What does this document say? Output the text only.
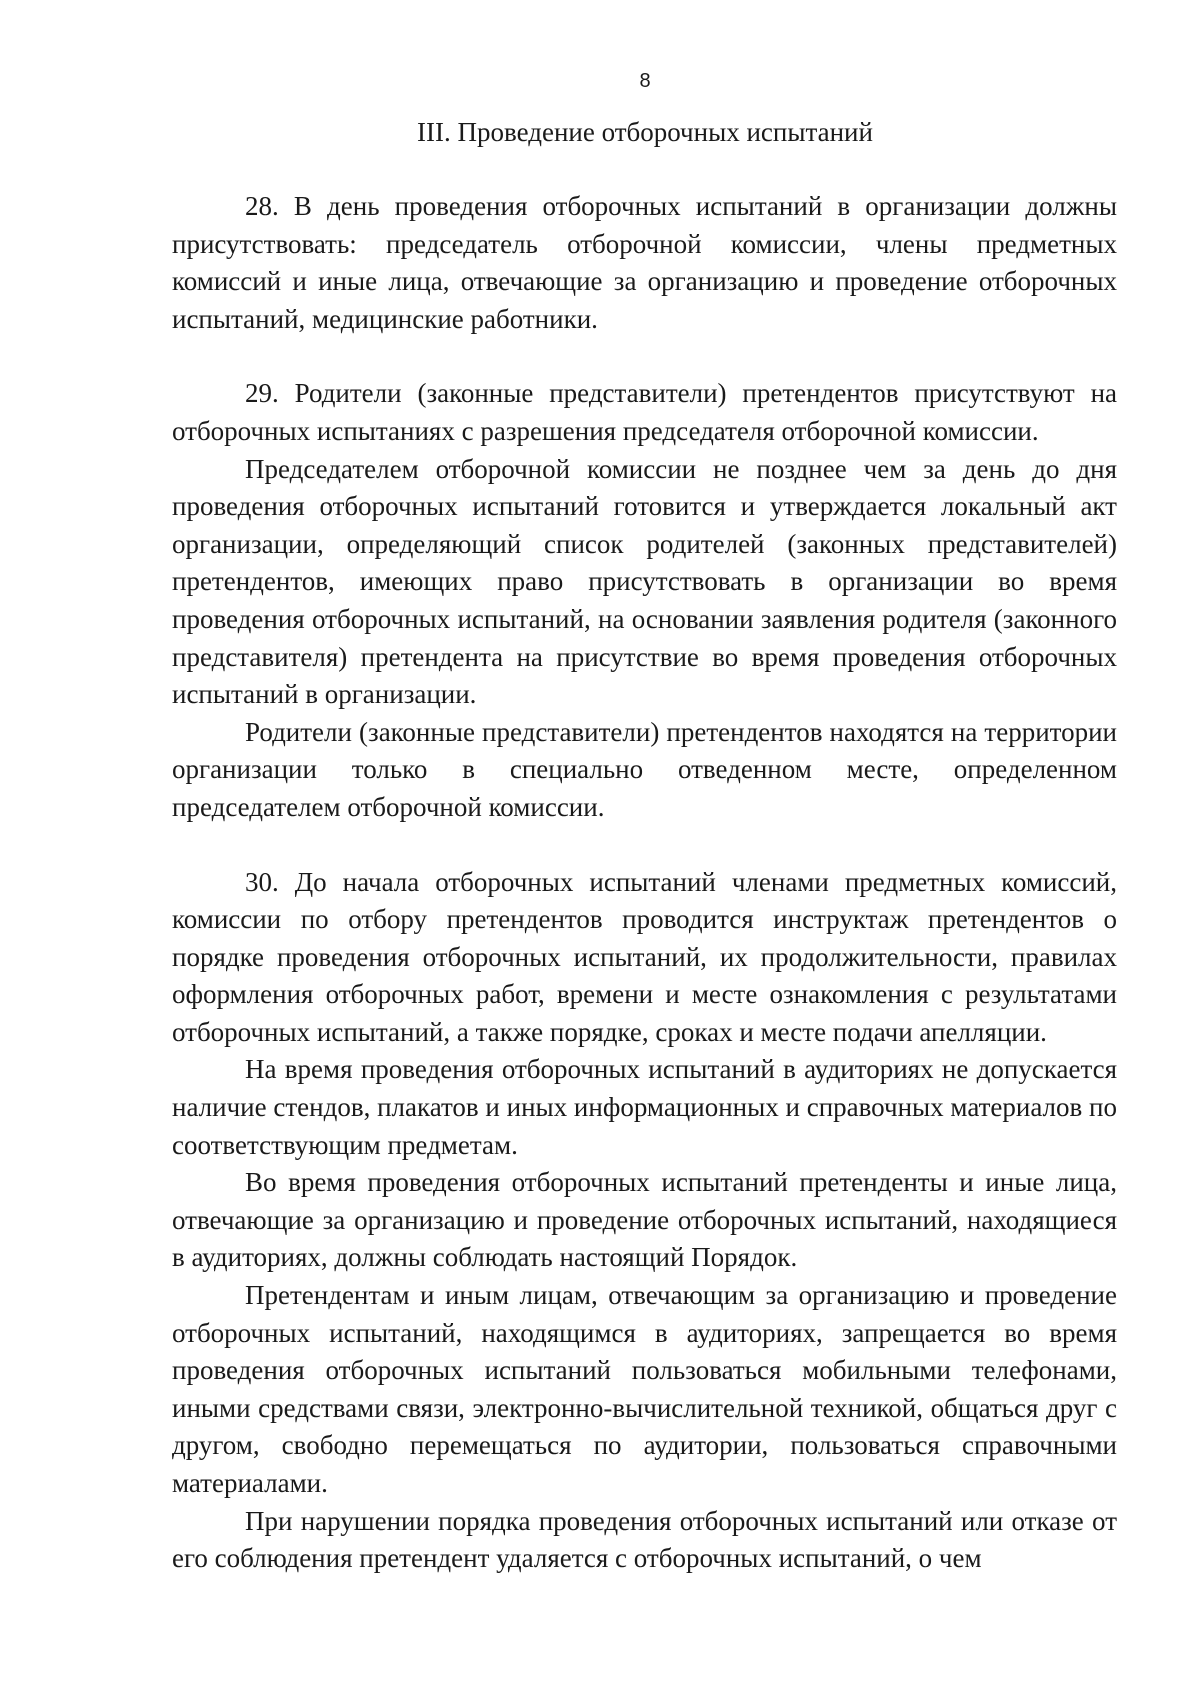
8
III. Проведение отборочных испытаний

28. В день проведения отборочных испытаний в организации должны присутствовать: председатель отборочной комиссии, члены предметных комиссий и иные лица, отвечающие за организацию и проведение отборочных испытаний, медицинские работники.

29. Родители (законные представители) претендентов присутствуют на отборочных испытаниях с разрешения председателя отборочной комиссии.

Председателем отборочной комиссии не позднее чем за день до дня проведения отборочных испытаний готовится и утверждается локальный акт организации, определяющий список родителей (законных представителей) претендентов, имеющих право присутствовать в организации во время проведения отборочных испытаний, на основании заявления родителя (законного представителя) претендента на присутствие во время проведения отборочных испытаний в организации.

Родители (законные представители) претендентов находятся на территории организации только в специально отведенном месте, определенном председателем отборочной комиссии.

30. До начала отборочных испытаний членами предметных комиссий, комиссии по отбору претендентов проводится инструктаж претендентов о порядке проведения отборочных испытаний, их продолжительности, правилах оформления отборочных работ, времени и месте ознакомления с результатами отборочных испытаний, а также порядке, сроках и месте подачи апелляции.

На время проведения отборочных испытаний в аудиториях не допускается наличие стендов, плакатов и иных информационных и справочных материалов по соответствующим предметам.

Во время проведения отборочных испытаний претенденты и иные лица, отвечающие за организацию и проведение отборочных испытаний, находящиеся в аудиториях, должны соблюдать настоящий Порядок.

Претендентам и иным лицам, отвечающим за организацию и проведение отборочных испытаний, находящимся в аудиториях, запрещается во время проведения отборочных испытаний пользоваться мобильными телефонами, иными средствами связи, электронно-вычислительной техникой, общаться друг с другом, свободно перемещаться по аудитории, пользоваться справочными материалами.

При нарушении порядка проведения отборочных испытаний или отказе от его соблюдения претендент удаляется с отборочных испытаний, о чем
